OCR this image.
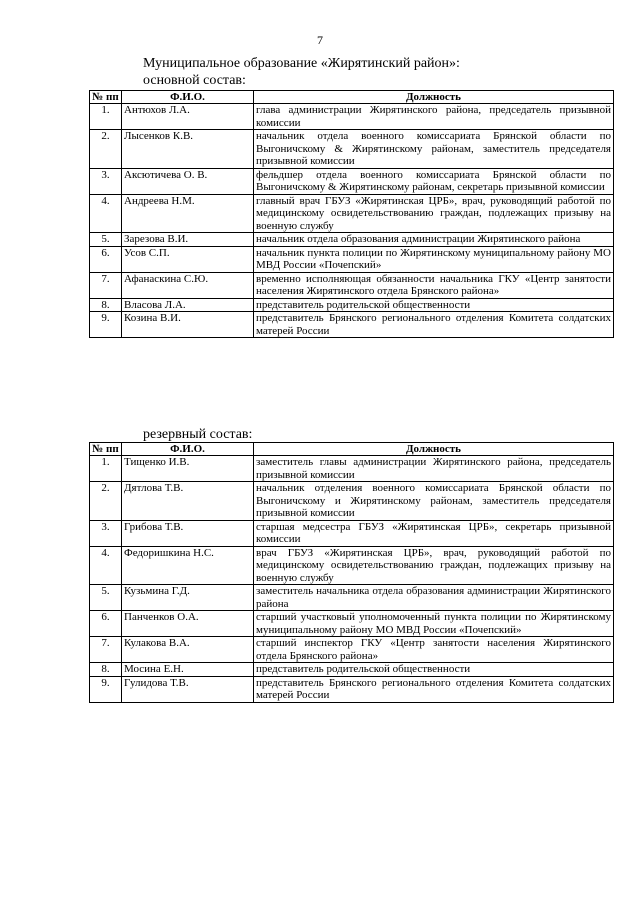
7
Муниципальное образование «Жирятинский район»:
основной состав:
№ пп	Ф.И.О.	Должность
1.	Антюхов Л.А.	глава администрации Жирятинского района, председатель призывной комиссии
2.	Лысенков К.В.	начальник отдела военного комиссариата Брянской области по Выгоничскому & Жирятинскому районам, заместитель председателя призывной комиссии
3.	Аксютичева О. В.	фельдшер отдела военного комиссариата Брянской области по Выгоничскому & Жирятинскому районам, секретарь призывной комиссии
4.	Андреева Н.М.	главный врач ГБУЗ «Жирятинская ЦРБ», врач, руководящий работой по медицинскому освидетельствованию граждан, подлежащих призыву на военную службу
5.	Зарезова В.И.	начальник отдела образования администрации Жирятинского района
6.	Усов С.П.	начальник пункта полиции по Жирятинскому муниципальному району МО МВД России «Почепский»
7.	Афанаскина С.Ю.	временно исполняющая обязанности начальника ГКУ «Центр занятости населения Жирятинского отдела Брянского района»
8.	Власова Л.А.	представитель родительской общественности
9.	Козина В.И.	представитель Брянского регионального отделения Комитета солдатских матерей России
резервный состав:
№ пп	Ф.И.О.	Должность
1.	Тищенко И.В.	заместитель главы администрации Жирятинского района, председатель призывной комиссии
2.	Дятлова Т.В.	начальник отделения военного комиссариата Брянской области по Выгоничскому и Жирятинскому районам, заместитель председателя призывной комиссии
3.	Грибова Т.В.	старшая медсестра ГБУЗ «Жирятинская ЦРБ», секретарь призывной комиссии
4.	Федоришкина Н.С.	врач ГБУЗ «Жирятинская ЦРБ», врач, руководящий работой по медицинскому освидетельствованию граждан, подлежащих призыву на военную службу
5.	Кузьмина Г.Д.	заместитель начальника отдела образования администрации Жирятинского района
6.	Панченков О.А.	старший участковый уполномоченный пункта полиции по Жирятинскому муниципальному району МО МВД России «Почепский»
7.	Кулакова В.А.	старший инспектор ГКУ «Центр занятости населения Жирятинского отдела Брянского района»
8.	Мосина Е.Н.	представитель родительской общественности
9.	Гулидова Т.В.	представитель Брянского регионального отделения Комитета солдатских матерей России
